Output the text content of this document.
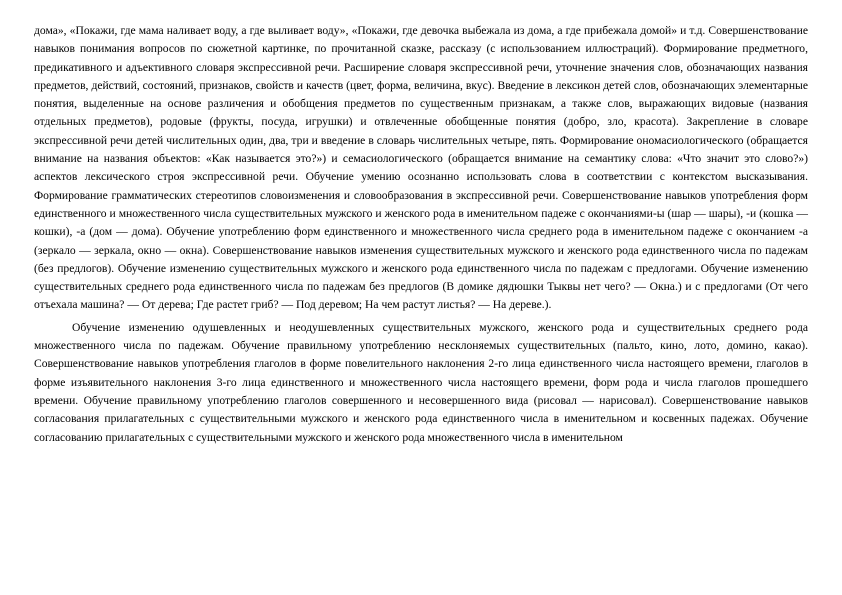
дома», «Покажи, где мама наливает воду, а где выливает воду», «Покажи, где девочка выбежала из дома, а где прибежала домой» и т.д. Совершенствование навыков понимания вопросов по сюжетной картинке, по прочитанной сказке, рассказу (с использованием иллюстраций). Формирование предметного, предикативного и адъективного словаря экспрессивной речи. Расширение словаря экспрессивной речи, уточнение значения слов, обозначающих названия предметов, действий, состояний, признаков, свойств и качеств (цвет, форма, величина, вкус). Введение в лексикон детей слов, обозначающих элементарные понятия, выделенные на основе различения и обобщения предметов по существенным признакам, а также слов, выражающих видовые (названия отдельных предметов), родовые (фрукты, посуда, игрушки) и отвлеченные обобщенные понятия (добро, зло, красота). Закрепление в словаре экспрессивной речи детей числительных один, два, три и введение в словарь числительных четыре, пять. Формирование ономасиологического (обращается внимание на названия объектов: «Как называется это?») и семасиологического (обращается внимание на семантику слова: «Что значит это слово?») аспектов лексического строя экспрессивной речи. Обучение умению осознанно использовать слова в соответствии с контекстом высказывания. Формирование грамматических стереотипов словоизменения и словообразования в экспрессивной речи. Совершенствование навыков употребления форм единственного и множественного числа существительных мужского и женского рода в именительном падеже с окончаниями-ы (шар — шары), -и (кошка — кошки), -а (дом — дома). Обучение употреблению форм единственного и множественного числа среднего рода в именительном падеже с окончанием -а (зеркало — зеркала, окно — окна). Совершенствование навыков изменения существительных мужского и женского рода единственного числа по падежам (без предлогов). Обучение изменению существительных мужского и женского рода единственного числа по падежам с предлогами. Обучение изменению существительных среднего рода единственного числа по падежам без предлогов (В домике дядюшки Тыквы нет чего? — Окна.) и с предлогами (От чего отъехала машина? — От дерева; Где растет гриб? — Под деревом; На чем растут листья? — На дереве.).

Обучение изменению одушевленных и неодушевленных существительных мужского, женского рода и существительных среднего рода множественного числа по падежам. Обучение правильному употреблению несклоняемых существительных (пальто, кино, лото, домино, какао). Совершенствование навыков употребления глаголов в форме повелительного наклонения 2-го лица единственного числа настоящего времени, глаголов в форме изъявительного наклонения 3-го лица единственного и множественного числа настоящего времени, форм рода и числа глаголов прошедшего времени. Обучение правильному употреблению глаголов совершенного и несовершенного вида (рисовал — нарисовал). Совершенствование навыков согласования прилагательных с существительными мужского и женского рода единственного числа в именительном и косвенных падежах. Обучение согласованию прилагательных с существительными мужского и женского рода множественного числа в именительном
